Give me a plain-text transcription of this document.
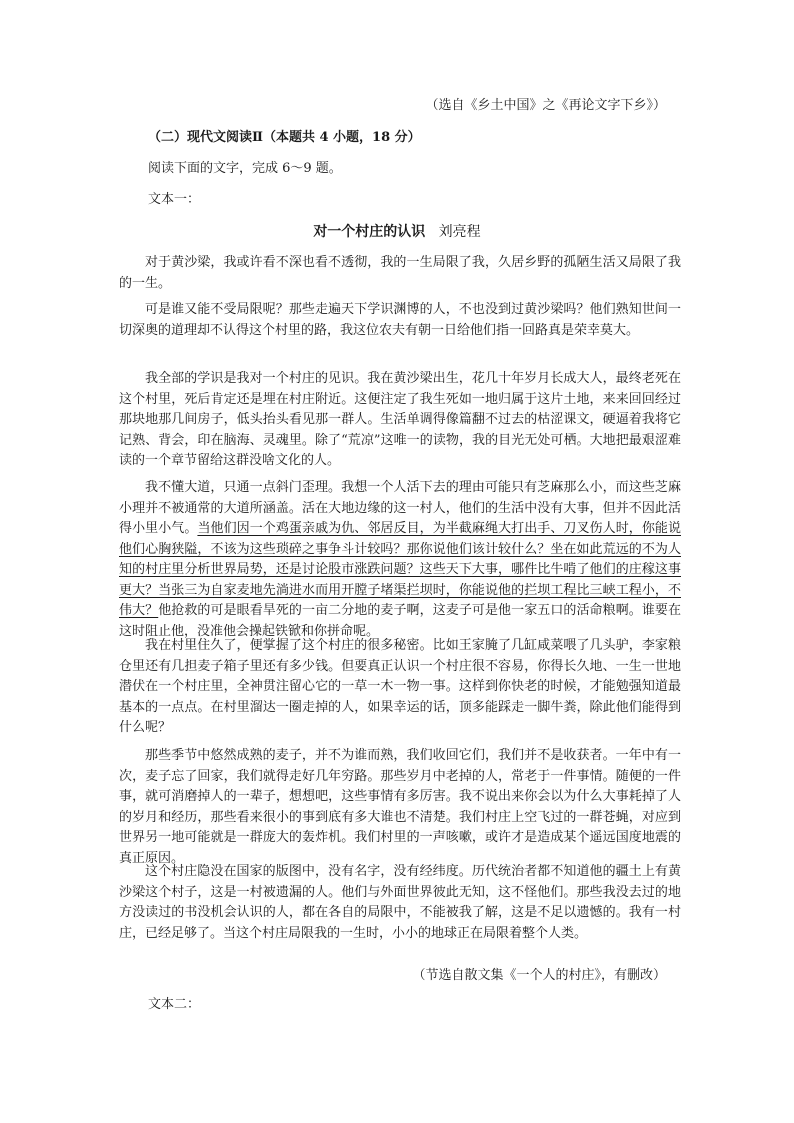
（选自《乡土中国》之《再论文字下乡》）
（二）现代文阅读Ⅱ（本题共 4 小题，18 分）
阅读下面的文字，完成 6～9 题。
文本一：
对一个村庄的认识 刘亮程

对于黄沙梁，我或许看不深也看不透彻，我的一生局限了我，久居乡野的孤陋生活又局限了我的一生。

可是谁又能不受局限呢？那些走遍天下学识渊博的人，不也没到过黄沙梁吗？他们熟知世间一切深奥的道理却不认得这个村里的路，我这位农夫有朝一日给他们指一回路真是荣幸莫大。

我全部的学识是我对一个村庄的见识。我在黄沙梁出生，花几十年岁月长成大人，最终老死在这个村里，死后肯定还是埋在村庄附近。这便注定了我生死如一地归属于这片土地，来来回回经过那块地那几间房子，低头抬头看见那一群人。生活单调得像篇翻不过去的枯涩课文，硬逼着我将它记熟、背会，印在脑海、灵魂里。除了“荒凉”这唯一的读物，我的目光无处可栖。大地把最艰涩难读的一个章节留给这群没啥文化的人。

我不懂大道，只通一点斜门歪理。我想一个人活下去的理由可能只有芝麻那么小，而这些芝麻小理并不被通常的大道所涵盖。活在大地边缘的这一村人，他们的生活中没有大事，但并不因此活得小里小气。当他们因一个鸡蛋亲戚为仇、邻居反目，为半截麻绳大打出手、刀叉伤人时，你能说他们心胸狭隘，不该为这些琐碎之事争斗计较吗？那你说他们该计较什么？坐在如此荒远的不为人知的村庄里分析世界局势，还是讨论股市涨跌问题？这些天下大事，哪件比牛啃了他们的庄稼这事更大？当张三为自家麦地先淌进水而用开膛子堵渠拦坝时，你能说他的拦坝工程比三峡工程小，不伟大？他抢救的可是眼看旱死的一亩二分地的麦子啊，这麦子可是他一家五口的活命粮啊。谁要在这时阻止他，没准他会操起铁锨和你拼命呢。

我在村里住久了，便掌握了这个村庄的很多秘密。比如王家腌了几缸咸菜喂了几头驴，李家粮仓里还有几担麦子箱子里还有多少钱。但要真正认识一个村庄很不容易，你得长久地、一生一世地潜伏在一个村庄里，全神贯注留心它的一草一木一物一事。这样到你快老的时候，才能勉强知道最基本的一点点。在村里溜达一圈走掉的人，如果幸运的话，顶多能踩走一脚牛粪，除此他们能得到什么呢？

那些季节中悠然成熟的麦子，并不为谁而熟，我们收回它们，我们并不是收获者。一年中有一次，麦子忘了回家，我们就得走好几年穷路。那些岁月中老掉的人，常老于一件事情。随便的一件事，就可消磨掉人的一辈子，想想吧，这些事情有多厉害。我不说出来你会以为什么大事耗掉了人的岁月和经历，那些看来很小的事到底有多大谁也不清楚。我们村庄上空飞过的一群苍蝇，对应到世界另一地可能就是一群庞大的轰炸机。我们村里的一声咳嗽，或许才是造成某个遥远国度地震的真正原因。

这个村庄隐没在国家的版图中，没有名字，没有经纬度。历代统治者都不知道他的疆土上有黄沙梁这个村子，这是一村被遗漏的人。他们与外面世界彼此无知，这不怪他们。那些我没去过的地方没读过的书没机会认识的人，都在各自的局限中，不能被我了解，这是不足以遗憾的。我有一村庄，已经足够了。当这个村庄局限我的一生时，小小的地球正在局限着整个人类。

（节选自散文集《一个人的村庄》，有删改）
文本二：
